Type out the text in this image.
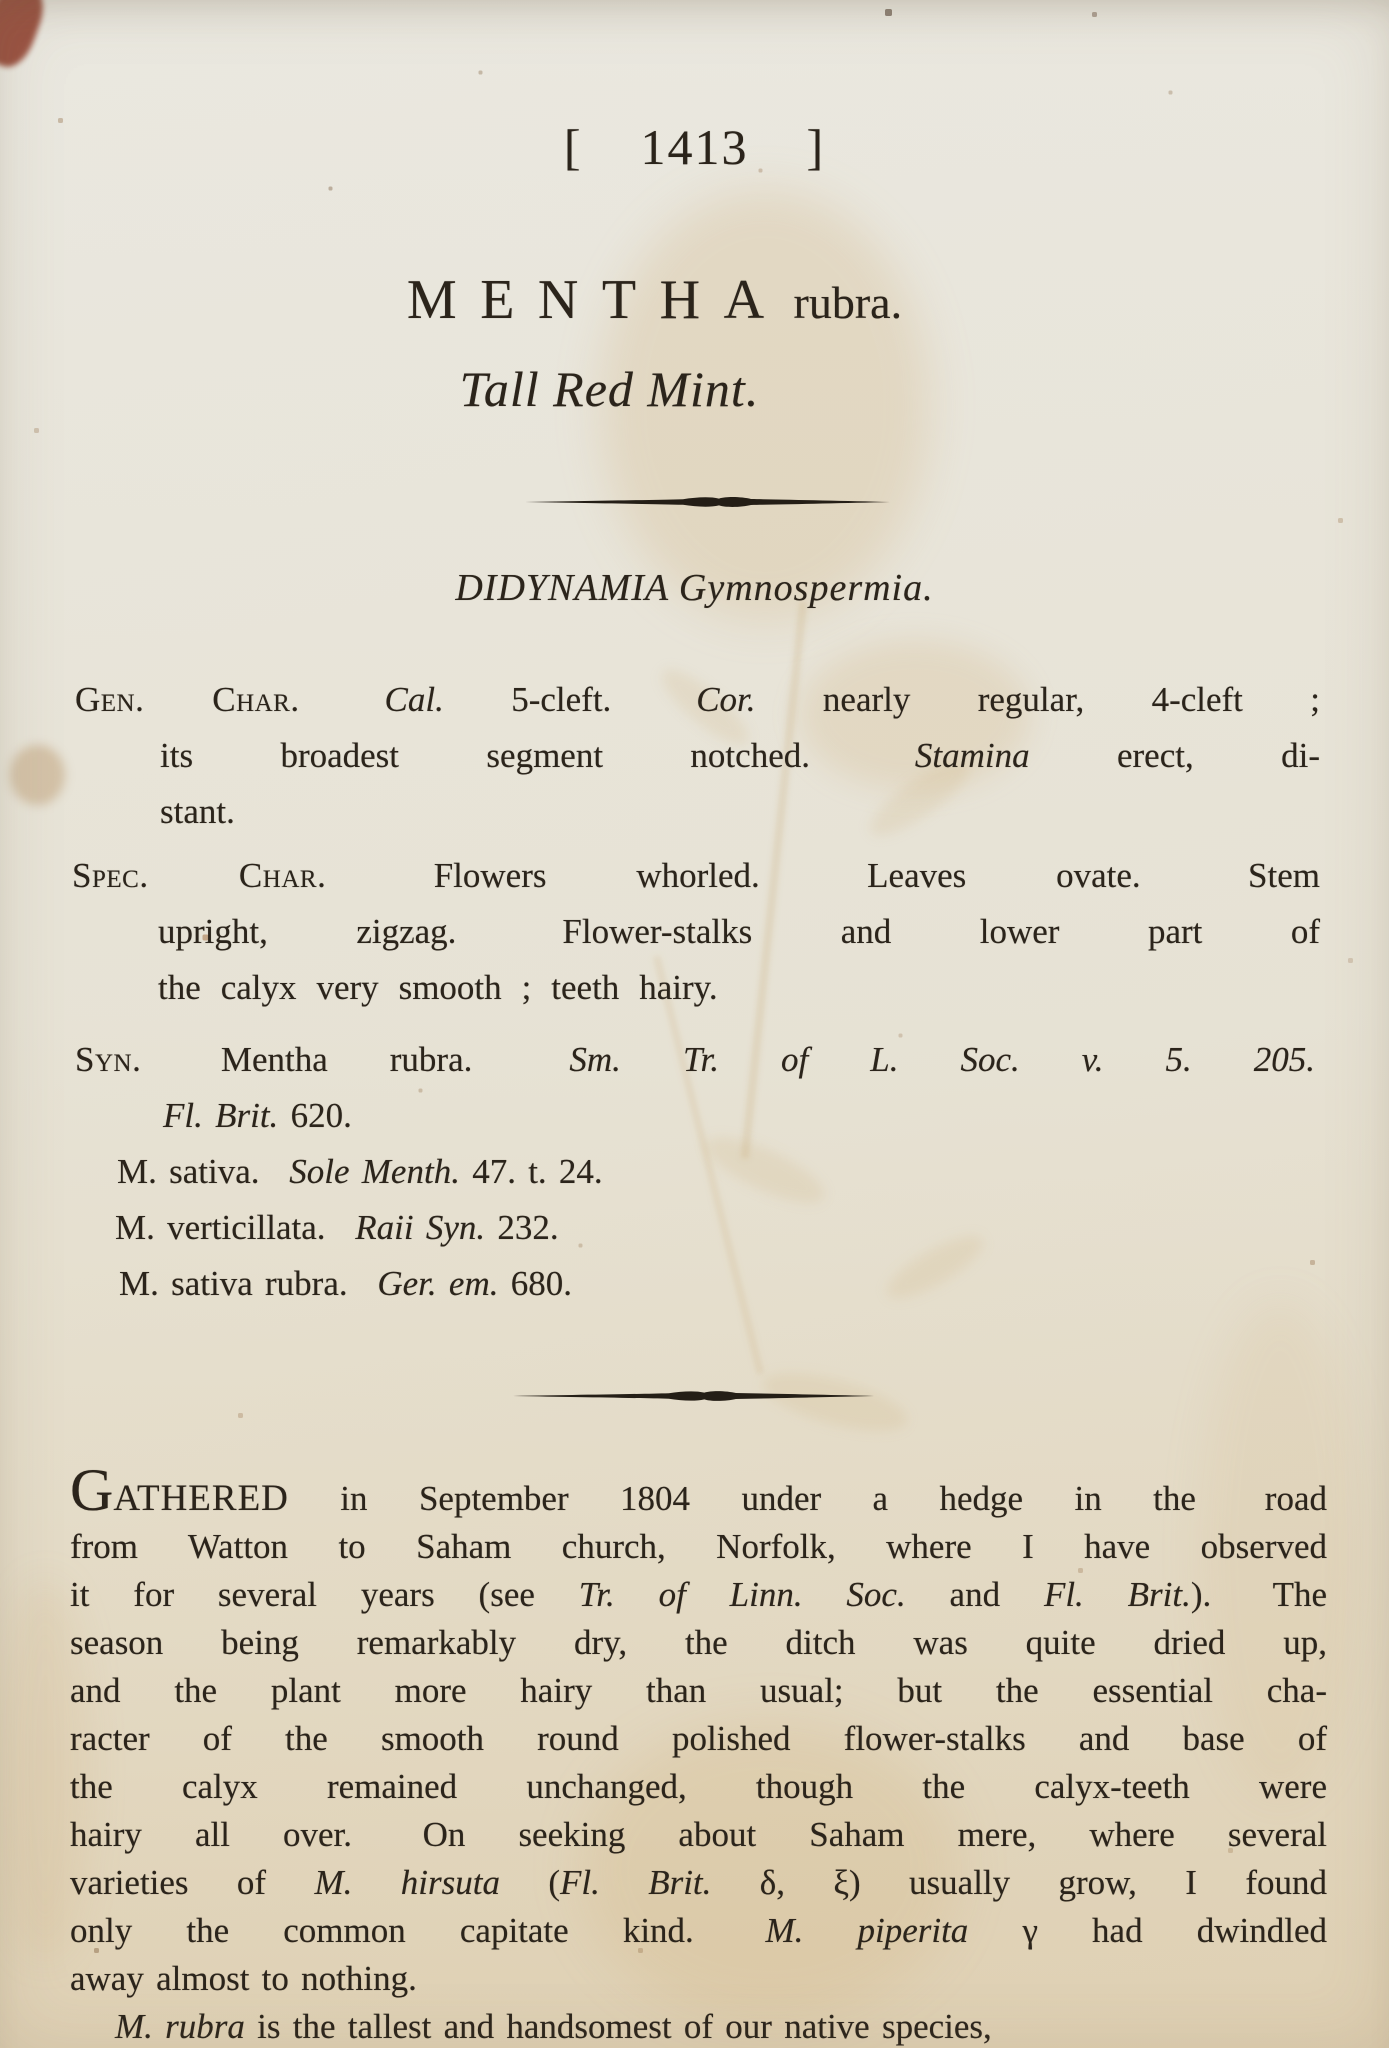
[ 1413 ]
MENTHA rubra.
Tall Red Mint.
DIDYNAMIA Gymnospermia.
Gen. Char.   Cal. 5-cleft.  Cor. nearly regular, 4-cleft ;
its broadest segment notched.  Stamina erect, di-
stant.
Spec. Char.  Flowers whorled.  Leaves ovate.  Stem
upright, zigzag.  Flower-stalks and lower part of
the calyx very smooth ; teeth hairy.
Syn.  Mentha rubra.   Sm. Tr. of L. Soc. v. 5. 205.
Fl. Brit. 620.
M. sativa.  Sole Menth. 47. t. 24.
M. verticillata.  Raii Syn. 232.
M. sativa rubra.  Ger. em. 680.
GATHERED in September 1804 under a hedge in the  road
from Watton to Saham church, Norfolk, where I have observed
it for several years (see Tr. of Linn. Soc. and Fl. Brit.).  The
season being remarkably dry, the ditch was quite dried up,
and the plant more hairy than usual; but the essential cha-
racter of the smooth round polished flower-stalks and base of
the calyx remained unchanged, though the calyx-teeth were
hairy all over.  On seeking about Saham mere, where several
varieties of M. hirsuta (Fl. Brit. δ, ξ) usually grow, I found
only the common capitate kind.  M. piperita γ had dwindled
away almost to nothing.
M. rubra is the tallest and handsomest of our native species,
